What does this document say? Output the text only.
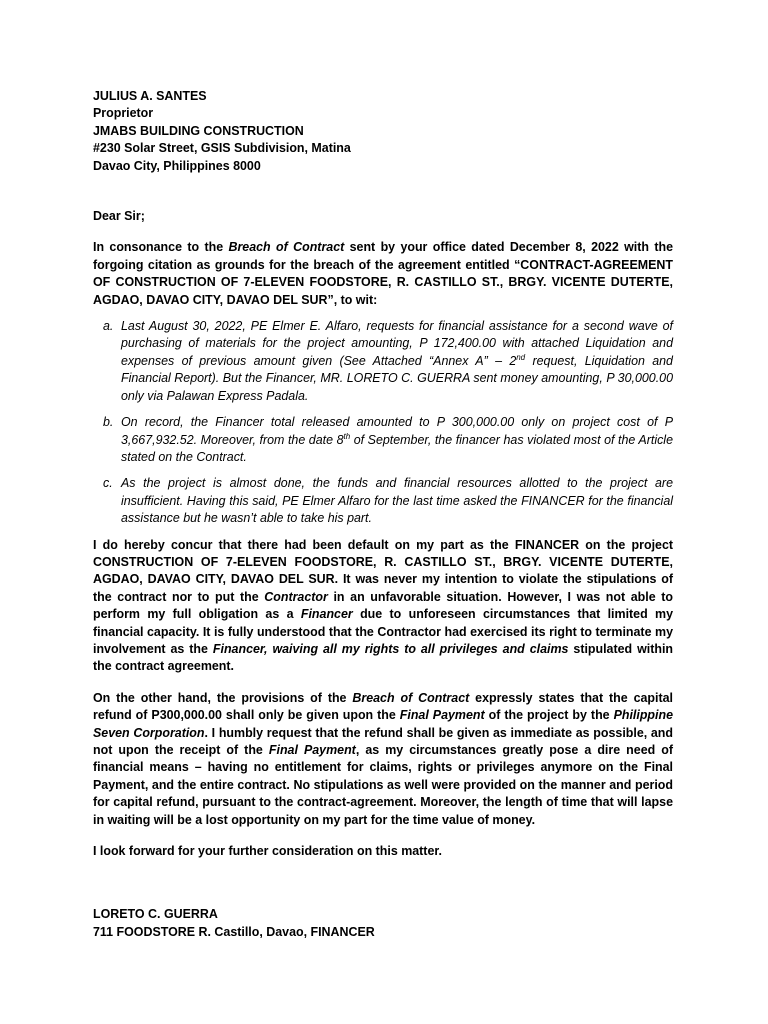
JULIUS A. SANTES

Proprietor

JMABS BUILDING CONSTRUCTION

#230 Solar Street, GSIS Subdivision, Matina

Davao City, Philippines 8000

Dear Sir;

In consonance to the Breach of Contract sent by your office dated December 8, 2022 with the forgoing citation as grounds for the breach of the agreement entitled “CONTRACT-AGREEMENT OF CONSTRUCTION OF 7-ELEVEN FOODSTORE, R. CASTILLO ST., BRGY. VICENTE DUTERTE, AGDAO, DAVAO CITY, DAVAO DEL SUR”, to wit:

a. Last August 30, 2022, PE Elmer E. Alfaro, requests for financial assistance for a second wave of purchasing of materials for the project amounting, P 172,400.00 with attached Liquidation and expenses of previous amount given (See Attached “Annex A” – 2nd request, Liquidation and Financial Report). But the Financer, MR. LORETO C. GUERRA sent money amounting, P 30,000.00 only via Palawan Express Padala.
b. On record, the Financer total released amounted to P 300,000.00 only on project cost of P 3,667,932.52. Moreover, from the date 8th of September, the financer has violated most of the Article stated on the Contract.
c. As the project is almost done, the funds and financial resources allotted to the project are insufficient. Having this said, PE Elmer Alfaro for the last time asked the FINANCER for the financial assistance but he wasn’t able to take his part.

I do hereby concur that there had been default on my part as the FINANCER on the project CONSTRUCTION OF 7-ELEVEN FOODSTORE, R. CASTILLO ST., BRGY. VICENTE DUTERTE, AGDAO, DAVAO CITY, DAVAO DEL SUR. It was never my intention to violate the stipulations of the contract nor to put the Contractor in an unfavorable situation. However, I was not able to perform my full obligation as a Financer due to unforeseen circumstances that limited my financial capacity. It is fully understood that the Contractor had exercised its right to terminate my involvement as the Financer, waiving all my rights to all privileges and claims stipulated within the contract agreement.

On the other hand, the provisions of the Breach of Contract expressly states that the capital refund of P300,000.00 shall only be given upon the Final Payment of the project by the Philippine Seven Corporation. I humbly request that the refund shall be given as immediate as possible, and not upon the receipt of the Final Payment, as my circumstances greatly pose a dire need of financial means – having no entitlement for claims, rights or privileges anymore on the Final Payment, and the entire contract. No stipulations as well were provided on the manner and period for capital refund, pursuant to the contract-agreement. Moreover, the length of time that will lapse in waiting will be a lost opportunity on my part for the time value of money.

I look forward for your further consideration on this matter.

LORETO C. GUERRA

711 FOODSTORE R. Castillo, Davao, FINANCER
